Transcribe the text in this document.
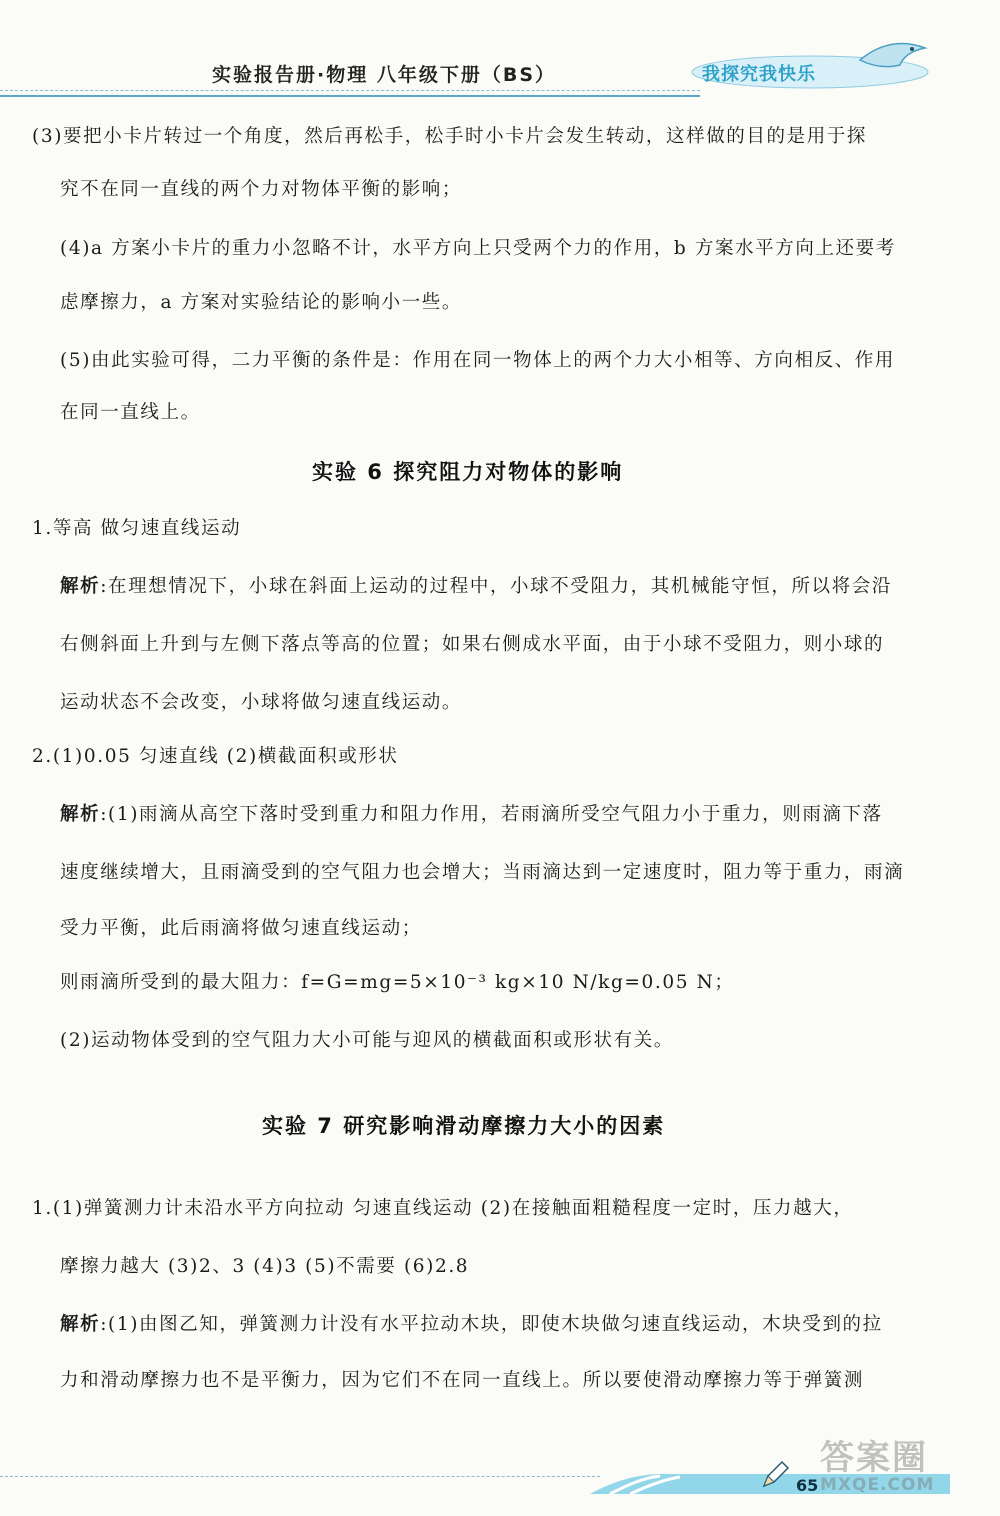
实验报告册·物理 八年级下册（BS）	我探究我快乐

(3)要把小卡片转过一个角度，然后再松手，松手时小卡片会发生转动，这样做的目的是用于探

究不在同一直线的两个力对物体平衡的影响；

(4)a 方案小卡片的重力小忽略不计，水平方向上只受两个力的作用，b 方案水平方向上还要考

虑摩擦力，a 方案对实验结论的影响小一些。

(5)由此实验可得，二力平衡的条件是：作用在同一物体上的两个力大小相等、方向相反、作用

在同一直线上。

实验 6 探究阻力对物体的影响

1.等高 做匀速直线运动

解析:在理想情况下，小球在斜面上运动的过程中，小球不受阻力，其机械能守恒，所以将会沿

右侧斜面上升到与左侧下落点等高的位置；如果右侧成水平面，由于小球不受阻力，则小球的

运动状态不会改变，小球将做匀速直线运动。

2.(1)0.05 匀速直线 (2)横截面积或形状

解析:(1)雨滴从高空下落时受到重力和阻力作用，若雨滴所受空气阻力小于重力，则雨滴下落

速度继续增大，且雨滴受到的空气阻力也会增大；当雨滴达到一定速度时，阻力等于重力，雨滴

受力平衡，此后雨滴将做匀速直线运动；

则雨滴所受到的最大阻力：f=G=mg=5×10⁻³ kg×10 N/kg=0.05 N；

(2)运动物体受到的空气阻力大小可能与迎风的横截面积或形状有关。

实验 7 研究影响滑动摩擦力大小的因素

1.(1)弹簧测力计未沿水平方向拉动 匀速直线运动 (2)在接触面粗糙程度一定时，压力越大，

摩擦力越大 (3)2、3 (4)3 (5)不需要 (6)2.8

解析:(1)由图乙知，弹簧测力计没有水平拉动木块，即使木块做匀速直线运动，木块受到的拉

力和滑动摩擦力也不是平衡力，因为它们不在同一直线上。所以要使滑动摩擦力等于弹簧测

65
答案圈
MXQE.COM
